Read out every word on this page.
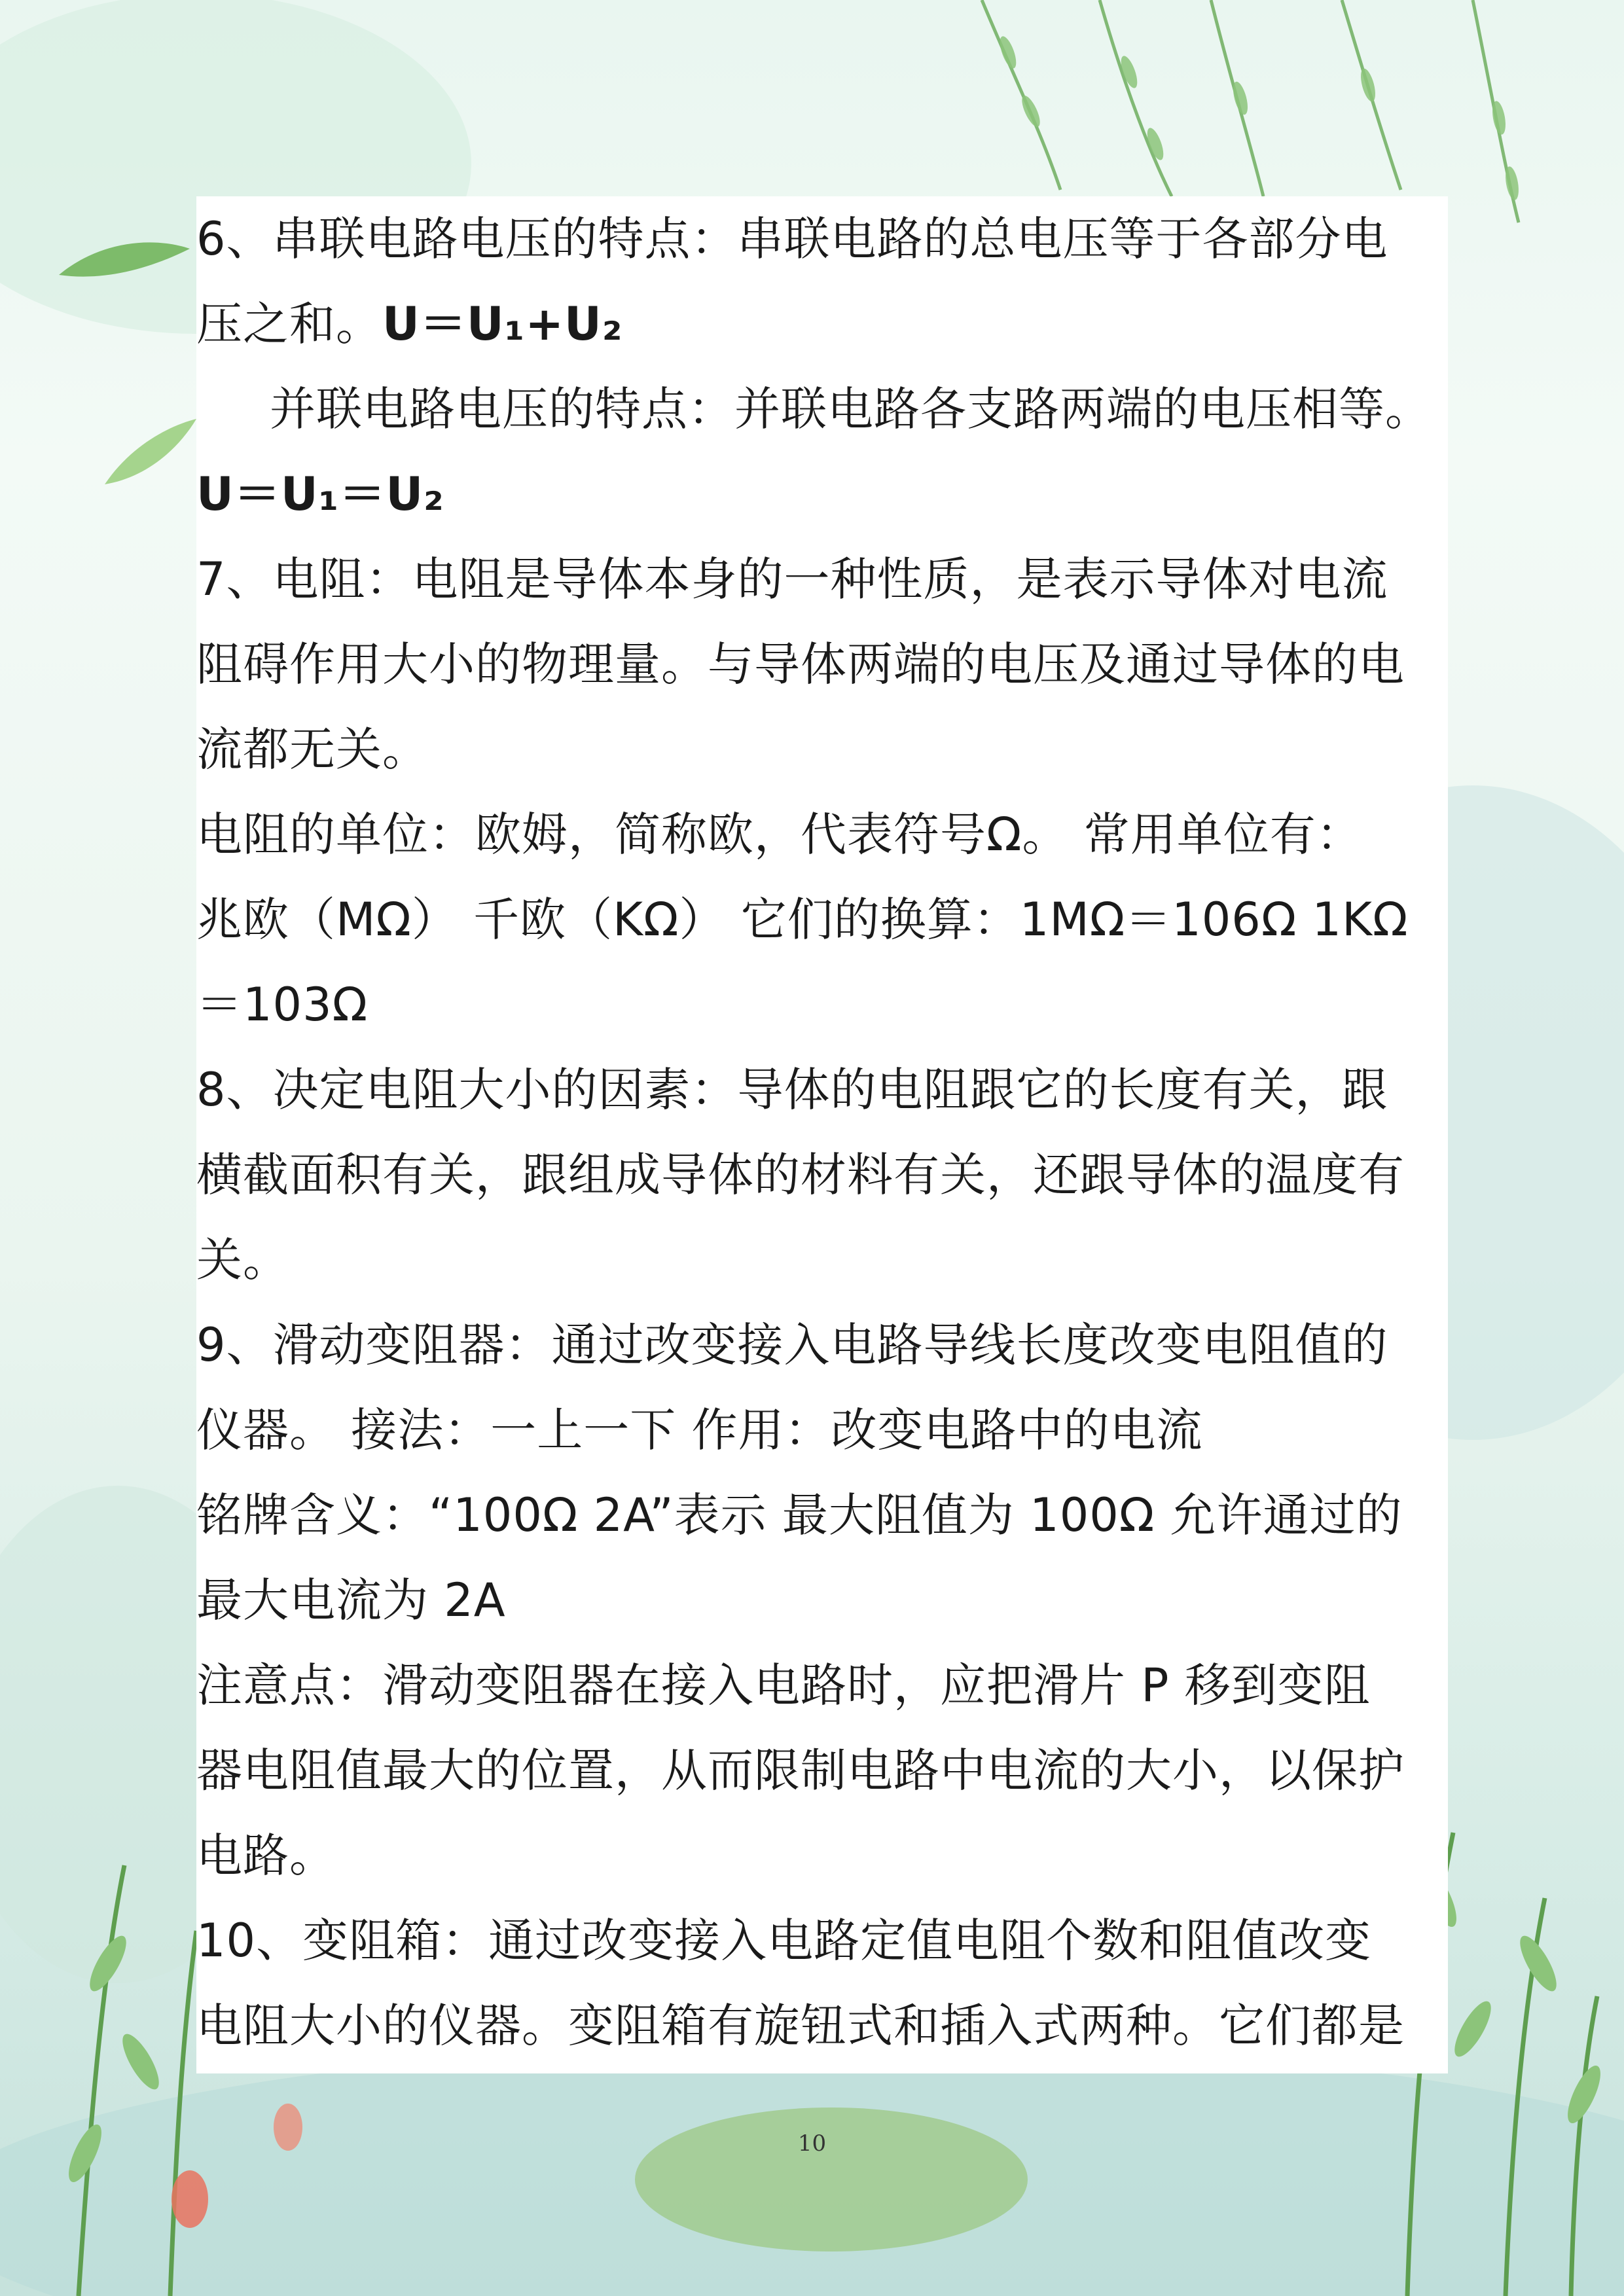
6、串联电路电压的特点：串联电路的总电压等于各部分电
压之和。U＝U₁+U₂
并联电路电压的特点：并联电路各支路两端的电压相等。
U＝U₁＝U₂
7、电阻：电阻是导体本身的一种性质，是表示导体对电流
阻碍作用大小的物理量。与导体两端的电压及通过导体的电
流都无关。
电阻的单位：欧姆，简称欧，代表符号Ω。 常用单位有：
兆欧（MΩ） 千欧（KΩ） 它们的换算：1MΩ＝106Ω 1KΩ
＝103Ω
8、决定电阻大小的因素：导体的电阻跟它的长度有关，跟
横截面积有关，跟组成导体的材料有关，还跟导体的温度有
关。
9、滑动变阻器：通过改变接入电路导线长度改变电阻值的
仪器。 接法：一上一下 作用：改变电路中的电流
铭牌含义：“100Ω 2A”表示 最大阻值为 100Ω 允许通过的
最大电流为 2A
注意点：滑动变阻器在接入电路时，应把滑片 P 移到变阻
器电阻值最大的位置，从而限制电路中电流的大小，以保护
电路。
10、变阻箱：通过改变接入电路定值电阻个数和阻值改变
电阻大小的仪器。变阻箱有旋钮式和插入式两种。它们都是
10
